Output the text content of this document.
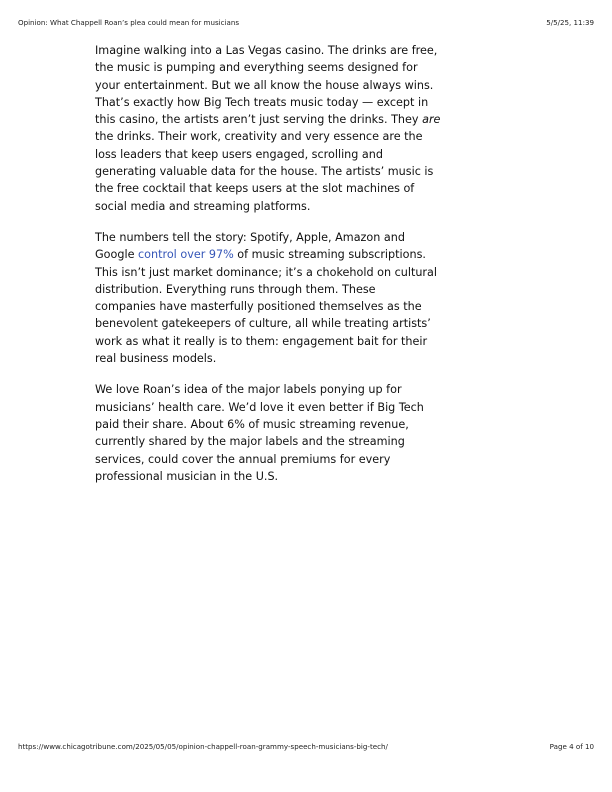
Opinion: What Chappell Roan’s plea could mean for musicians	5/5/25, 11:39

Imagine walking into a Las Vegas casino. The drinks are free,
the music is pumping and everything seems designed for
your entertainment. But we all know the house always wins.
That’s exactly how Big Tech treats music today — except in
this casino, the artists aren’t just serving the drinks. They are
the drinks. Their work, creativity and very essence are the
loss leaders that keep users engaged, scrolling and
generating valuable data for the house. The artists’ music is
the free cocktail that keeps users at the slot machines of
social media and streaming platforms.

The numbers tell the story: Spotify, Apple, Amazon and
Google control over 97% of music streaming subscriptions.
This isn’t just market dominance; it’s a chokehold on cultural
distribution. Everything runs through them. These
companies have masterfully positioned themselves as the
benevolent gatekeepers of culture, all while treating artists’
work as what it really is to them: engagement bait for their
real business models.

We love Roan’s idea of the major labels ponying up for
musicians’ health care. We’d love it even better if Big Tech
paid their share. About 6% of music streaming revenue,
currently shared by the major labels and the streaming
services, could cover the annual premiums for every
professional musician in the U.S.

https://www.chicagotribune.com/2025/05/05/opinion-chappell-roan-grammy-speech-musicians-big-tech/	Page 4 of 10
